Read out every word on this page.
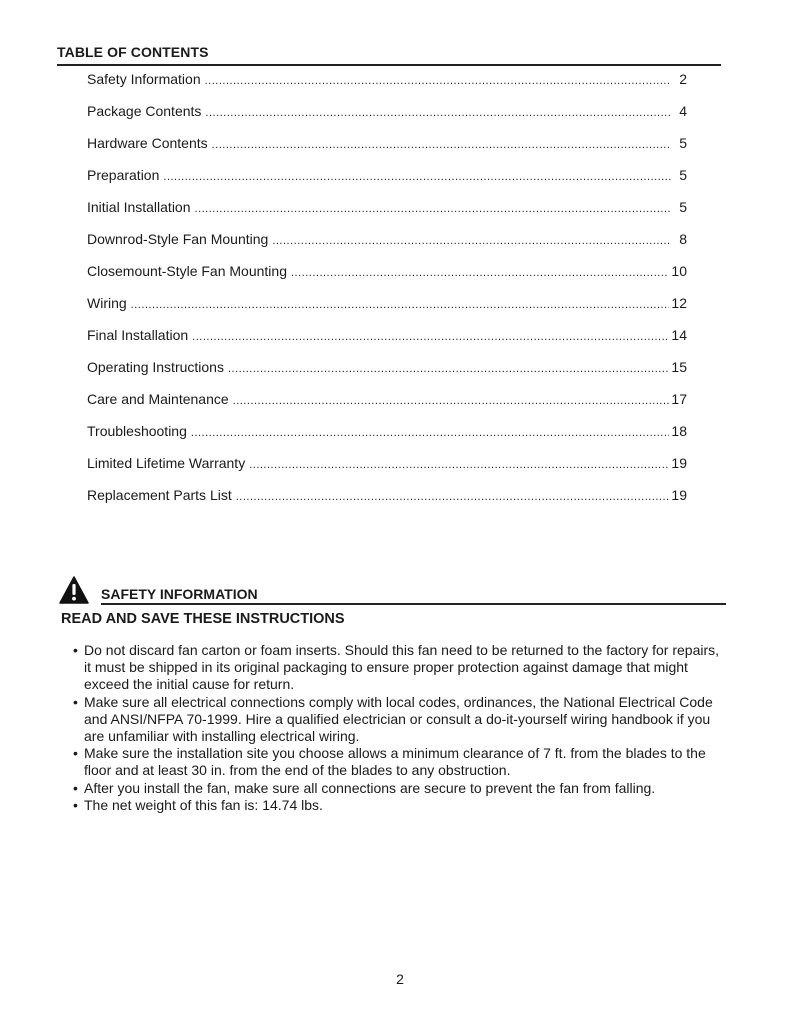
TABLE OF CONTENTS
Safety Information .....	2
Package Contents .....	4
Hardware Contents .....	5
Preparation .....	5
Initial Installation .....	5
Downrod-Style Fan Mounting .....	8
Closemount-Style Fan Mounting .....	10
Wiring .....	12
Final Installation .....	14
Operating Instructions .....	15
Care and Maintenance .....	17
Troubleshooting .....	18
Limited Lifetime Warranty .....	19
Replacement Parts List .....	19
SAFETY INFORMATION
READ AND SAVE THESE INSTRUCTIONS
• Do not discard fan carton or foam inserts. Should this fan need to be returned to the factory for repairs, it must be shipped in its original packaging to ensure proper protection against damage that might exceed the initial cause for return.
• Make sure all electrical connections comply with local codes, ordinances, the National Electrical Code and ANSI/NFPA 70-1999. Hire a qualified electrician or consult a do-it-yourself wiring handbook if you are unfamiliar with installing electrical wiring.
• Make sure the installation site you choose allows a minimum clearance of 7 ft. from the blades to the floor and at least 30 in. from the end of the blades to any obstruction.
• After you install the fan, make sure all connections are secure to prevent the fan from falling.
• The net weight of this fan is: 14.74 lbs.
2
